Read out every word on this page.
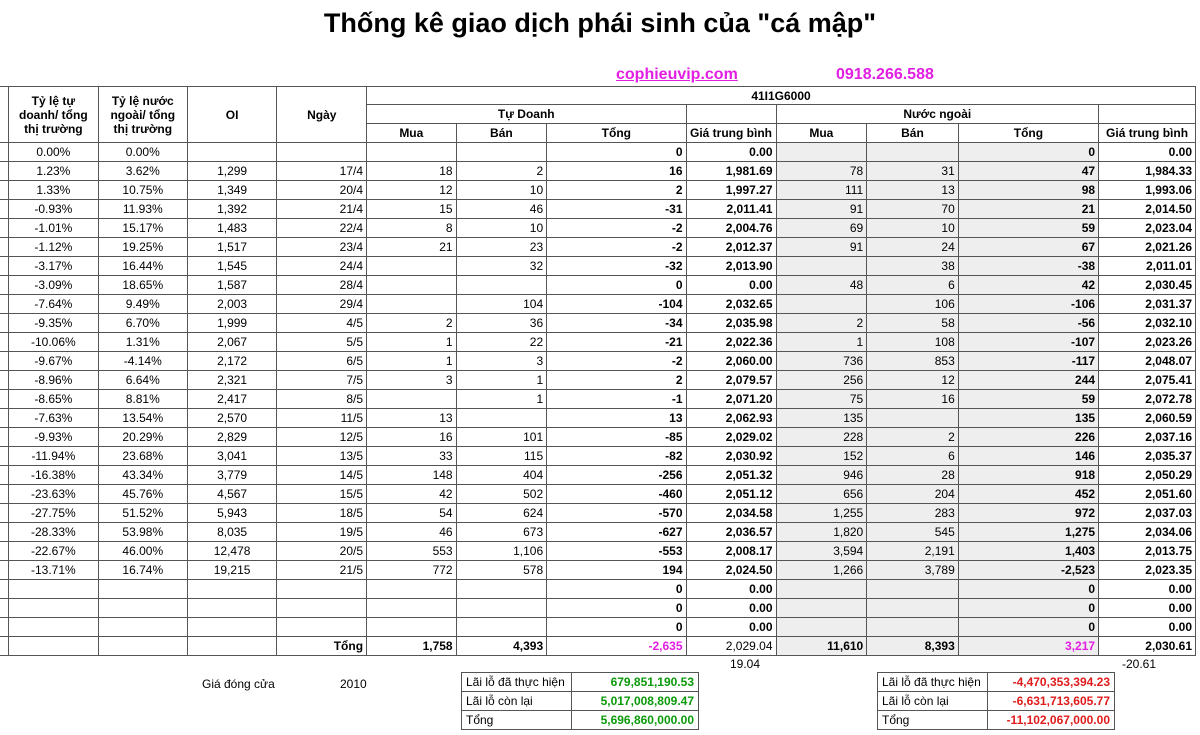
Thống kê giao dịch phái sinh của "cá mập"
cophieuvip.com	0918.266.588
	Tỷ lệ tự doanh/ tổng thị trường	Tỷ lệ nước ngoài/ tổng thị trường	OI	Ngày	41I1G6000							
					Tự Doanh				Nước ngoài			
					Mua	Bán	Tổng	Giá trung bình	Mua	Bán	Tổng	Giá trung bình
	0.00%	0.00%					0	0.00			0	0.00
	1.23%	3.62%	1,299	17/4	18	2	16	1,981.69	78	31	47	1,984.33
	1.33%	10.75%	1,349	20/4	12	10	2	1,997.27	111	13	98	1,993.06
	-0.93%	11.93%	1,392	21/4	15	46	-31	2,011.41	91	70	21	2,014.50
	-1.01%	15.17%	1,483	22/4	8	10	-2	2,004.76	69	10	59	2,023.04
	-1.12%	19.25%	1,517	23/4	21	23	-2	2,012.37	91	24	67	2,021.26
	-3.17%	16.44%	1,545	24/4		32	-32	2,013.90		38	-38	2,011.01
	-3.09%	18.65%	1,587	28/4			0	0.00	48	6	42	2,030.45
	-7.64%	9.49%	2,003	29/4		104	-104	2,032.65		106	-106	2,031.37
	-9.35%	6.70%	1,999	4/5	2	36	-34	2,035.98	2	58	-56	2,032.10
	-10.06%	1.31%	2,067	5/5	1	22	-21	2,022.36	1	108	-107	2,023.26
	-9.67%	-4.14%	2,172	6/5	1	3	-2	2,060.00	736	853	-117	2,048.07
	-8.96%	6.64%	2,321	7/5	3	1	2	2,079.57	256	12	244	2,075.41
	-8.65%	8.81%	2,417	8/5		1	-1	2,071.20	75	16	59	2,072.78
	-7.63%	13.54%	2,570	11/5	13		13	2,062.93	135		135	2,060.59
	-9.93%	20.29%	2,829	12/5	16	101	-85	2,029.02	228	2	226	2,037.16
	-11.94%	23.68%	3,041	13/5	33	115	-82	2,030.92	152	6	146	2,035.37
	-16.38%	43.34%	3,779	14/5	148	404	-256	2,051.32	946	28	918	2,050.29
	-23.63%	45.76%	4,567	15/5	42	502	-460	2,051.12	656	204	452	2,051.60
	-27.75%	51.52%	5,943	18/5	54	624	-570	2,034.58	1,255	283	972	2,037.03
	-28.33%	53.98%	8,035	19/5	46	673	-627	2,036.57	1,820	545	1,275	2,034.06
	-22.67%	46.00%	12,478	20/5	553	1,106	-553	2,008.17	3,594	2,191	1,403	2,013.75
	-13.71%	16.74%	19,215	21/5	772	578	194	2,024.50	1,266	3,789	-2,523	2,023.35
							0	0.00			0	0.00
							0	0.00			0	0.00
							0	0.00			0	0.00
				Tổng	1,758	4,393	-2,635	2,029.04	11,610	8,393	3,217	2,030.61
19.04	-20.61
Giá đóng cửa	2010	Lãi lỗ đã thực hiện	679,851,190.53
Lãi lỗ còn lại	5,017,008,809.47
Tổng	5,696,860,000.00
Lãi lỗ đã thực hiện	-4,470,353,394.23
Lãi lỗ còn lại	-6,631,713,605.77
Tổng	-11,102,067,000.00
